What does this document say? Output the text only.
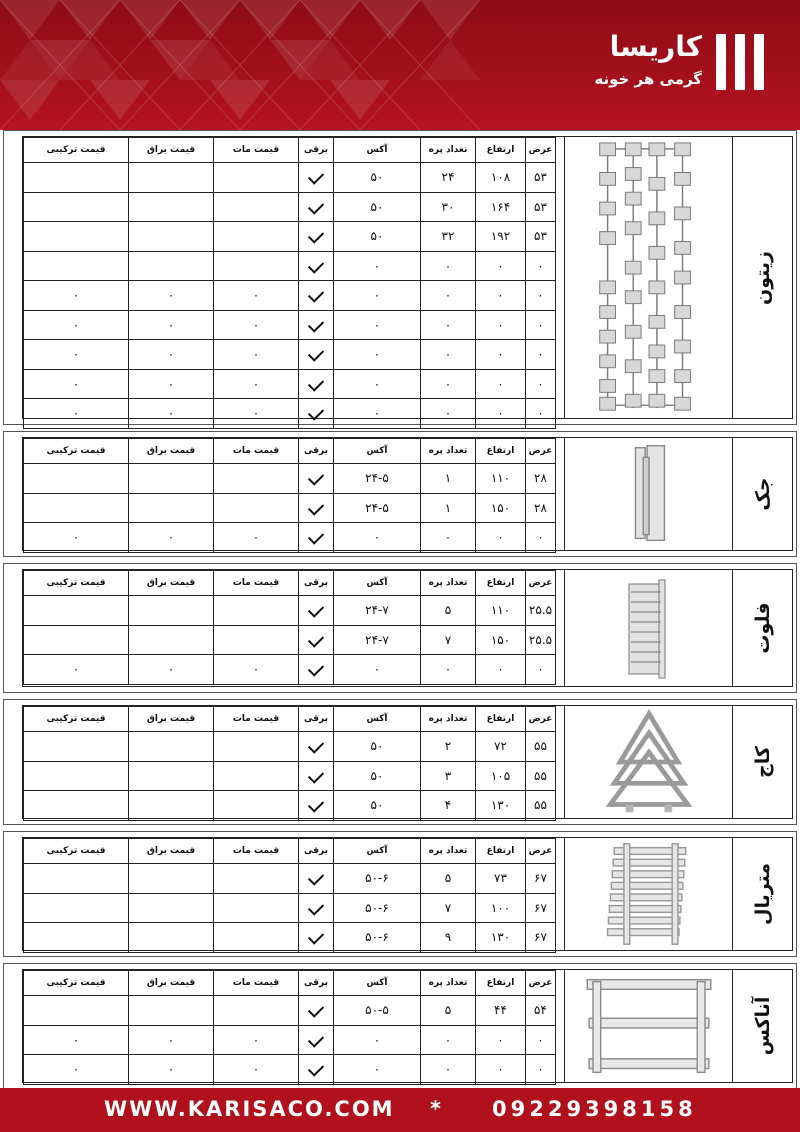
کاریسا
گرمی هر خونه
عرض	ارتفاع	تعداد پره	آکس	برقی	قیمت مات	قیمت براق	قیمت ترکیبی
۵۳	۱۰۸	۲۴	۵۰				
۵۳	۱۶۴	۳۰	۵۰				
۵۳	۱۹۲	۳۲	۵۰				
۰	۰	۰	۰				
۰	۰	۰	۰		۰	۰	۰
۰	۰	۰	۰		۰	۰	۰
۰	۰	۰	۰		۰	۰	۰
۰	۰	۰	۰		۰	۰	۰
۰	۰	۰	۰		۰	۰	۰
زیتون
عرض	ارتفاع	تعداد پره	آکس	برقی	قیمت مات	قیمت براق	قیمت ترکیبی
۲۸	۱۱۰	۱	۲۴-۵				
۲۸	۱۵۰	۱	۲۴-۵				
۰	۰	۰	۰		۰	۰	۰
جک
عرض	ارتفاع	تعداد پره	آکس	برقی	قیمت مات	قیمت براق	قیمت ترکیبی
۲۵.۵	۱۱۰	۵	۲۴-۷				
۲۵.۵	۱۵۰	۷	۲۴-۷				
۰	۰	۰	۰		۰	۰	۰
فلوت
عرض	ارتفاع	تعداد پره	آکس	برقی	قیمت مات	قیمت براق	قیمت ترکیبی
۵۵	۷۲	۲	۵۰				
۵۵	۱۰۵	۳	۵۰				
۵۵	۱۳۰	۴	۵۰				
کاج
عرض	ارتفاع	تعداد پره	آکس	برقی	قیمت مات	قیمت براق	قیمت ترکیبی
۶۷	۷۳	۵	۵۰-۶				
۶۷	۱۰۰	۷	۵۰-۶				
۶۷	۱۳۰	۹	۵۰-۶				
متریال
عرض	ارتفاع	تعداد پره	آکس	برقی	قیمت مات	قیمت براق	قیمت ترکیبی
۵۴	۴۴	۵	۵۰-۵				
۰	۰	۰	۰		۰	۰	۰
۰	۰	۰	۰		۰	۰	۰
آناکس
WWW.KARISACO.COM * 09229398158
